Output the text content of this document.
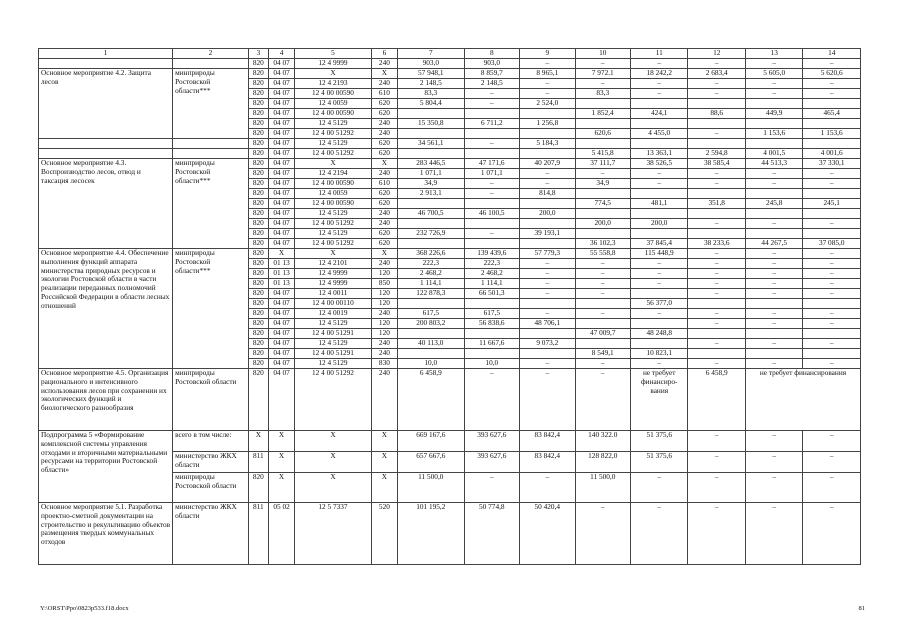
1	2	3	4	5	6	7	8	9	10	11	12	13	14
		820	04 07	12 4 9999	240	903,0	903,0	–	–	–	–	–	–
Основное мероприятие 4.2. Защита лесов	минприроды Ростовской области***	820	04 07	X	X	57 948,1	8 859,7	8 965,1	7 972.1	18 242,2	2 683,4	5 605,0	5 620,6
		820	04 07	12 4 2193	240	2 148,5	2 148,5	–	–	–	–	–	–
		820	04 07	12 4 00 00590	610	83,3	–	–	83,3	–	–	–	–
		820	04 07	12 4 0059	620	5 804,4	–	2 524,0					
		820	04 07	12 4 00 00590	620				1 852,4	424,1	88,6	449,9	465,4
		820	04 07	12 4 5129	240	15 350,8	6 711,2	1 256,8					
		820	04 07	12 4 00 51292	240				620,6	4 455,0	–	1 153,6	1 153,6
		820	04 07	12 4 5129	620	34 561,1	–	5 184,3					
		820	04 07	12 4 00 51292	620				5 415,8	13 363,1	2 594,8	4 001,5	4 001,6
Основное мероприятие 4.3. Воспроизводство лесов, отвод и таксация лесосек	минприроды Ростовской области***	820	04 07	X	X	283 446,5	47 171,6	40 207,9	37 111,7	38 526,5	38 585,4	44 513,3	37 330,1
		820	04 07	12 4 2194	240	1 071,1	1 071,1	–	–	–	–	–	–
		820	04 07	12 4 00 00590	610	34,9	–	–	34,9	–	–	–	–
		820	04 07	12 4 0059	620	2 913,1	–	814,8					
		820	04 07	12 4 00 00590	620				774,5	481,1	351,8	245,8	245,1
		820	04 07	12 4 5129	240	46 700,5	46 100,5	200,0					
		820	04 07	12 4 00 51292	240				200,0	200,0	–	–	–
		820	04 07	12 4 5129	620	232 726,9	–	39 193,1					
		820	04 07	12 4 00 51292	620				36 102,3	37 845,4	38 233,6	44 267,5	37 085,0
Основное мероприятие 4.4. Обеспечение выполнения функций аппарата министерства природных ресурсов и экологии Ростовской области в части реализации переданных полномочий Российской Федерации в области лесных отношений	минприроды Ростовской области***	820	X	X	X	368 226,6	139 439,6	57 779,3	55 558,8	115 448,9	–	–	–
		820	01 13	12 4 2101	240	222,3	222,3	–	–	–	–	–	–
		820	01 13	12 4 9999	120	2 468,2	2 468,2	–	–	–	–	–	–
		820	01 13	12 4 9999	850	1 114,1	1 114,1	–	–	–	–	–	–
		820	04 07	12 4 0011	120	122 878,3	66 501,3	–	–		–	–	–
		820	04 07	12 4 00 00110	120					56 377,0			
		820	04 07	12 4 0019	240	617,5	617,5	–	–	–	–	–	–
		820	04 07	12 4 5129	120	200 803,2	56 838,6	48 706,1			–	–	–
		820	04 07	12 4 00 51291	120				47 009,7	48 248,8			
		820	04 07	12 4 5129	240	40 113,0	11 667,6	9 073,2			–	–	–
		820	04 07	12 4 00 51291	240				8 549,1	10 823,1			
		820	04 07	12 4 5129	830	10,0	10,0	–	–	–	–	–	–
Основное мероприятие 4.5. Организация рационального и интенсивного использования лесов при сохранении их экологических функций и биологического разнообразия	минприроды Ростовской области	820	04 07	12 4 00 51292	240	6 458,9	–	–	–	не требует финансиро-вания	6 458,9	не требует финансирования	
Подпрограмма 5 «Формирование комплексной системы управления отходами и вторичными материальными ресурсами на территории Ростовской области»	всего в том числе:	X	X	X	X	669 167,6	393 627,6	83 842,4	140 322.0	51 375,6	–	–	–
	министерство ЖКХ области	811	X	X	X	657 667,6	393 627,6	83 842,4	128 822,0	51 375,6	–	–	–
	минприроды Ростовской области	820	X	X	X	11 500,0	–	–	11 500,0	–	–	–	–
Основное мероприятие 5.1. Разработка проектно-сметной документации на строительство и рекультивацию объектов размещения твердых коммунальных отходов	министерство ЖКХ области	811	05 02	12 5 7337	520	101 195,2	50 774,8	50 420,4	–	–	–	–	–
Y:\ORST\Ppo\0823p533.f18.docx	81
